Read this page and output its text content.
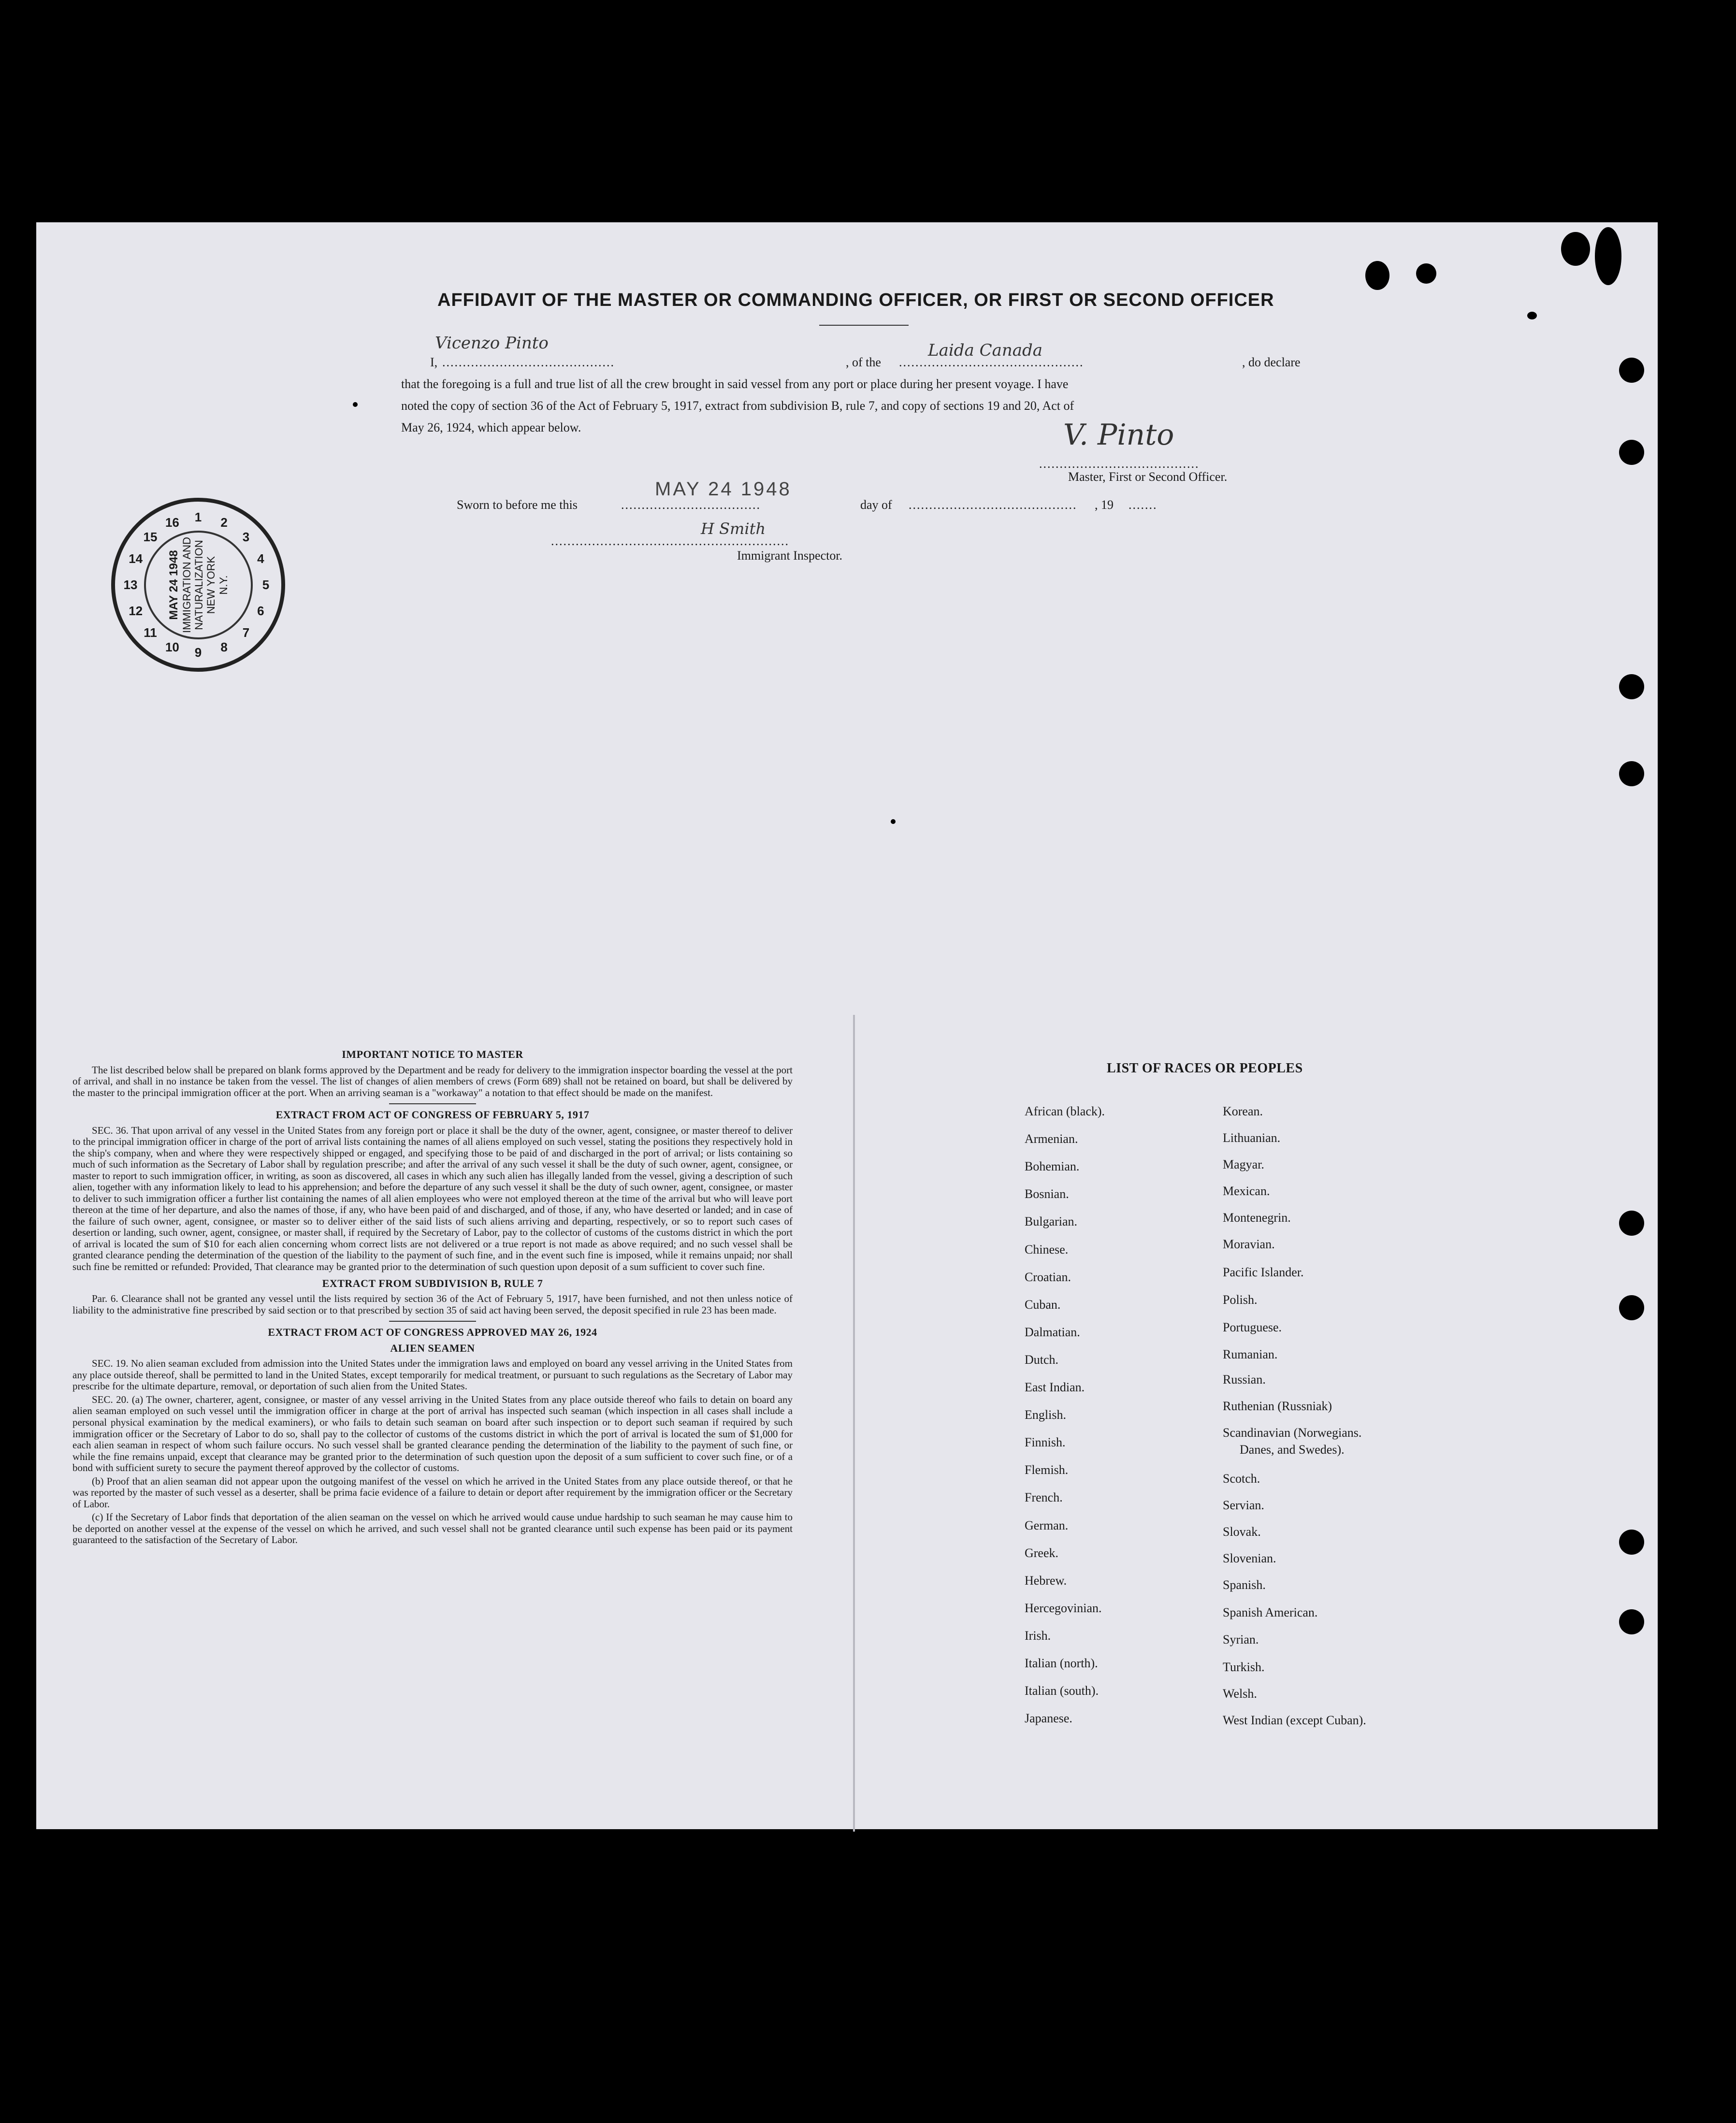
AFFIDAVIT OF THE MASTER OR COMMANDING OFFICER, OR FIRST OR SECOND OFFICER
I, ..........................................
Vicenzo Pinto
, of the .............................................
Laida Canada
, do declare
that the foregoing is a full and true list of all the crew brought in said vessel from any port or place during her present voyage. I have
noted the copy of section 36 of the Act of February 5, 1917, extract from subdivision B, rule 7, and copy of sections 19 and 20, Act of
May 26, 1924, which appear below.	V. Pinto
.......................................
Master, First or Second Officer.
Sworn to before me this	..................................
MAY 24 1948
day of ......................................... , 19 .......
H Smith
..........................................................
Immigrant Inspector.
MAY 24 1948 IMMIGRATION AND NATURALIZATION NEW YORK N.Y.
1 2
3
4
5
6
7
8
9
10
11
12
13
14
15
16
IMPORTANT NOTICE TO MASTER

The list described below shall be prepared on blank forms approved by the Department and be ready for delivery to the immigration inspector boarding the vessel at the port of arrival, and shall in no instance be taken from the vessel. The list of changes of alien members of crews (Form 689) shall not be retained on board, but shall be delivered by the master to the principal immigration officer at the port. When an arriving seaman is a "workaway" a notation to that effect should be made on the manifest.

EXTRACT FROM ACT OF CONGRESS OF FEBRUARY 5, 1917

SEC. 36. That upon arrival of any vessel in the United States from any foreign port or place it shall be the duty of the owner, agent, consignee, or master thereof to deliver to the principal immigration officer in charge of the port of arrival lists containing the names of all aliens employed on such vessel, stating the positions they respectively hold in the ship's company, when and where they were respectively shipped or engaged, and specifying those to be paid of and discharged in the port of arrival; or lists containing so much of such information as the Secretary of Labor shall by regulation prescribe; and after the arrival of any such vessel it shall be the duty of such owner, agent, consignee, or master to report to such immigration officer, in writing, as soon as discovered, all cases in which any such alien has illegally landed from the vessel, giving a description of such alien, together with any information likely to lead to his apprehension; and before the departure of any such vessel it shall be the duty of such owner, agent, consignee, or master to deliver to such immigration officer a further list containing the names of all alien employees who were not employed thereon at the time of the arrival but who will leave port thereon at the time of her departure, and also the names of those, if any, who have been paid of and discharged, and of those, if any, who have deserted or landed; and in case of the failure of such owner, agent, consignee, or master so to deliver either of the said lists of such aliens arriving and departing, respectively, or so to report such cases of desertion or landing, such owner, agent, consignee, or master shall, if required by the Secretary of Labor, pay to the collector of customs of the customs district in which the port of arrival is located the sum of $10 for each alien concerning whom correct lists are not delivered or a true report is not made as above required; and no such vessel shall be granted clearance pending the determination of the question of the liability to the payment of such fine, and in the event such fine is imposed, while it remains unpaid; nor shall such fine be remitted or refunded: Provided, That clearance may be granted prior to the determination of such question upon deposit of a sum sufficient to cover such fine.

EXTRACT FROM SUBDIVISION B, RULE 7

Par. 6. Clearance shall not be granted any vessel until the lists required by section 36 of the Act of February 5, 1917, have been furnished, and not then unless notice of liability to the administrative fine prescribed by said section or to that prescribed by section 35 of said act having been served, the deposit specified in rule 23 has been made.

EXTRACT FROM ACT OF CONGRESS APPROVED MAY 26, 1924
ALIEN SEAMEN

SEC. 19. No alien seaman excluded from admission into the United States under the immigration laws and employed on board any vessel arriving in the United States from any place outside thereof, shall be permitted to land in the United States, except temporarily for medical treatment, or pursuant to such regulations as the Secretary of Labor may prescribe for the ultimate departure, removal, or deportation of such alien from the United States.

SEC. 20. (a) The owner, charterer, agent, consignee, or master of any vessel arriving in the United States from any place outside thereof who fails to detain on board any alien seaman employed on such vessel until the immigration officer in charge at the port of arrival has inspected such seaman (which inspection in all cases shall include a personal physical examination by the medical examiners), or who fails to detain such seaman on board after such inspection or to deport such seaman if required by such immigration officer or the Secretary of Labor to do so, shall pay to the collector of customs of the customs district in which the port of arrival is located the sum of $1,000 for each alien seaman in respect of whom such failure occurs. No such vessel shall be granted clearance pending the determination of the liability to the payment of such fine, or while the fine remains unpaid, except that clearance may be granted prior to the determination of such question upon the deposit of a sum sufficient to cover such fine, or of a bond with sufficient surety to secure the payment thereof approved by the collector of customs.

(b) Proof that an alien seaman did not appear upon the outgoing manifest of the vessel on which he arrived in the United States from any place outside thereof, or that he was reported by the master of such vessel as a deserter, shall be prima facie evidence of a failure to detain or deport after requirement by the immigration officer or the Secretary of Labor.

(c) If the Secretary of Labor finds that deportation of the alien seaman on the vessel on which he arrived would cause undue hardship to such seaman he may cause him to be deported on another vessel at the expense of the vessel on which he arrived, and such vessel shall not be granted clearance until such expense has been paid or its payment guaranteed to the satisfaction of the Secretary of Labor.

LIST OF RACES OR PEOPLES
African (black).
Armenian.
Bohemian.
Bosnian.
Bulgarian.
Chinese.
Croatian.
Cuban.
Dalmatian.
Dutch.
East Indian.
English.
Finnish.
Flemish.
French.
German.
Greek.
Hebrew.
Hercegovinian.
Irish.
Italian (north).
Italian (south).
Japanese.
Korean.
Lithuanian.
Magyar.
Mexican.
Montenegrin.
Moravian.
Pacific Islander.
Polish.
Portuguese.
Rumanian.
Russian.
Ruthenian (Russniak)
Scandinavian (Norwegians.
Danes, and Swedes).
Scotch.
Servian.
Slovak.
Slovenian.
Spanish.
Spanish American.
Syrian.
Turkish.
Welsh.
West Indian (except Cuban).
